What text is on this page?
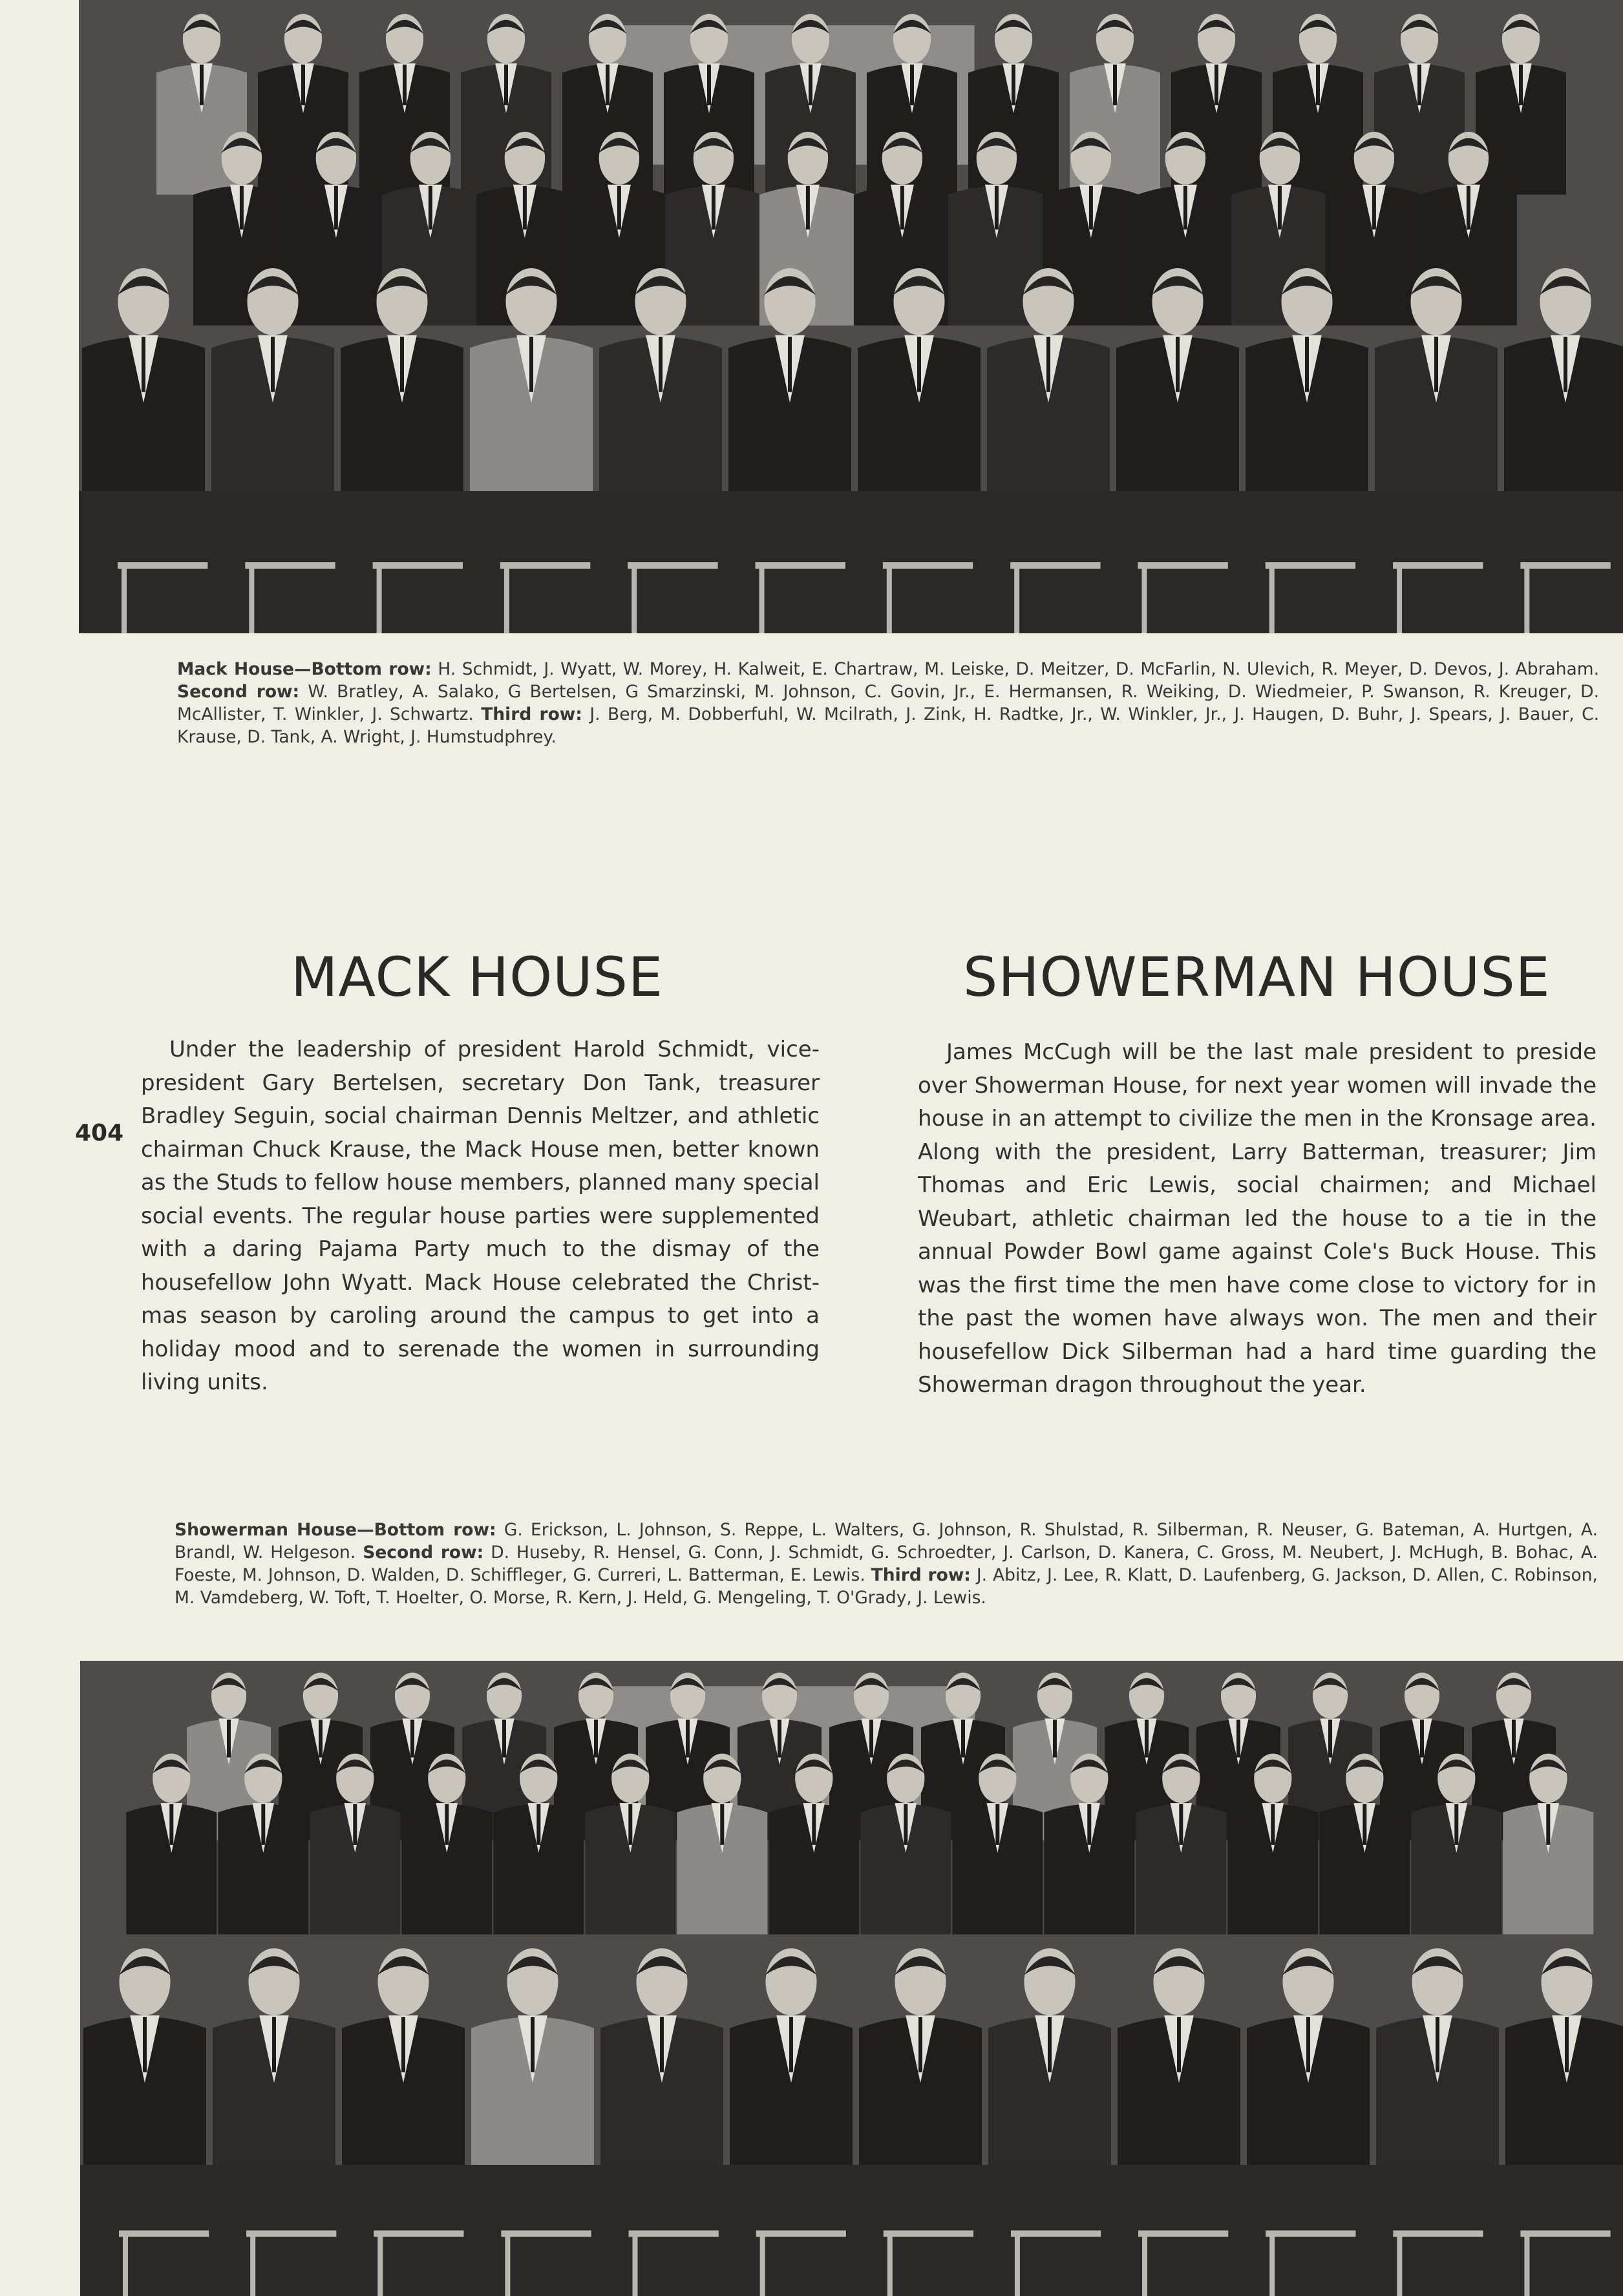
Mack House—Bottom row: H. Schmidt, J. Wyatt, W. Morey, H. Kalweit, E. Chartraw, M. Leiske, D. Meitzer, D. McFarlin, N. Ulevich, R. Meyer, D. Devos, J. Abraham. Second row: W. Bratley, A. Salako, G Bertelsen, G Smarzinski, M. Johnson, C. Govin, Jr., E. Hermansen, R. Weiking, D. Wiedmeier, P. Swanson, R. Kreuger, D. McAllister, T. Winkler, J. Schwartz. Third row: J. Berg, M. Dobberfuhl, W. Mcilrath, J. Zink, H. Radtke, Jr., W. Winkler, Jr., J. Haugen, D. Buhr, J. Spears, J. Bauer, C. Krause, D. Tank, A. Wright, J. Humstudphrey.

MACK HOUSE	SHOWERMAN HOUSE
404

Under the leadership of president Harold Schmidt, vice-president Gary Bertelsen, secretary Don Tank, treasurer Bradley Seguin, social chairman Dennis Meltzer, and athletic chairman Chuck Krause, the Mack House men, better known as the Studs to fellow house members, planned many special social events. The regular house parties were supplemented with a daring Pajama Party much to the dismay of the housefellow John Wyatt. Mack House celebrated the Christ-mas season by caroling around the campus to get into a holiday mood and to serenade the women in surrounding living units.

James McCugh will be the last male president to preside over Showerman House, for next year women will invade the house in an attempt to civilize the men in the Kronsage area. Along with the president, Larry Batterman, treasurer; Jim Thomas and Eric Lewis, social chairmen; and Michael Weubart, athletic chairman led the house to a tie in the annual Powder Bowl game against Cole's Buck House. This was the first time the men have come close to victory for in the past the women have always won. The men and their housefellow Dick Silberman had a hard time guarding the Showerman dragon throughout the year.

Showerman House—Bottom row: G. Erickson, L. Johnson, S. Reppe, L. Walters, G. Johnson, R. Shulstad, R. Silberman, R. Neuser, G. Bateman, A. Hurtgen, A. Brandl, W. Helgeson. Second row: D. Huseby, R. Hensel, G. Conn, J. Schmidt, G. Schroedter, J. Carlson, D. Kanera, C. Gross, M. Neubert, J. McHugh, B. Bohac, A. Foeste, M. Johnson, D. Walden, D. Schiffleger, G. Curreri, L. Batterman, E. Lewis. Third row: J. Abitz, J. Lee, R. Klatt, D. Laufenberg, G. Jackson, D. Allen, C. Robinson, M. Vamdeberg, W. Toft, T. Hoelter, O. Morse, R. Kern, J. Held, G. Mengeling, T. O'Grady, J. Lewis.
